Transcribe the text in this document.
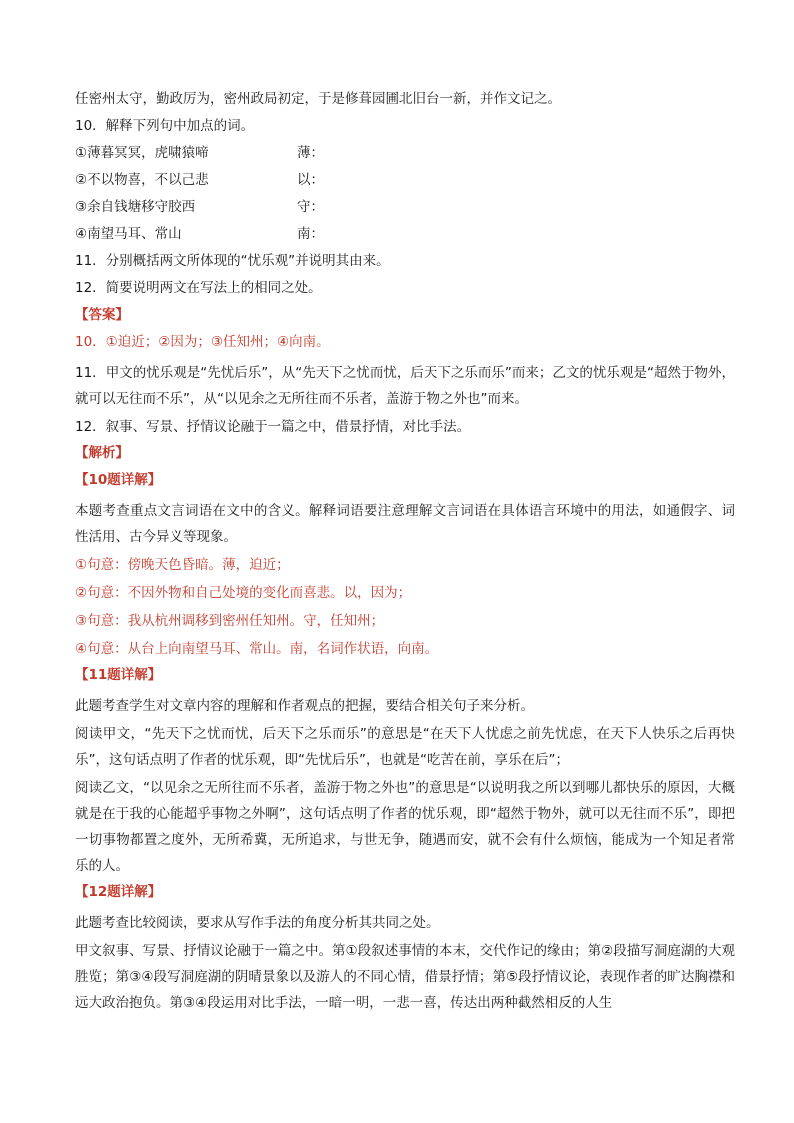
任密州太守，勤政厉为，密州政局初定，于是修葺园圃北旧台一新，并作文记之。

10．解释下列句中加点的词。

①薄暮冥冥，虎啸猿啼	薄：
②不以物喜，不以己悲	以：
③余自钱塘移守胶西	守：
④南望马耳、常山	南：

11．分别概括两文所体现的“忧乐观”并说明其由来。

12．简要说明两文在写法上的相同之处。

【答案】

10．①迫近；②因为；③任知州；④向南。

11．甲文的忧乐观是“先忧后乐”，从“先天下之忧而忧，后天下之乐而乐”而来；乙文的忧乐观是“超然于物外，就可以无往而不乐”，从“以见余之无所往而不乐者，盖游于物之外也”而来。

12．叙事、写景、抒情议论融于一篇之中，借景抒情，对比手法。

【解析】

【10题详解】

本题考查重点文言词语在文中的含义。解释词语要注意理解文言词语在具体语言环境中的用法，如通假字、词性活用、古今异义等现象。

①句意：傍晚天色昏暗。薄，迫近；

②句意：不因外物和自己处境的变化而喜悲。以，因为；

③句意：我从杭州调移到密州任知州。守，任知州；

④句意：从台上向南望马耳、常山。南，名词作状语，向南。

【11题详解】

此题考查学生对文章内容的理解和作者观点的把握，要结合相关句子来分析。

阅读甲文，“先天下之忧而忧，后天下之乐而乐”的意思是“在天下人忧虑之前先忧虑，在天下人快乐之后再快乐”，这句话点明了作者的忧乐观，即“先忧后乐”，也就是“吃苦在前，享乐在后”；

阅读乙文，“以见余之无所往而不乐者，盖游于物之外也”的意思是“以说明我之所以到哪儿都快乐的原因，大概就是在于我的心能超乎事物之外啊”，这句话点明了作者的忧乐观，即“超然于物外，就可以无往而不乐”，即把一切事物都置之度外，无所希冀，无所追求，与世无争，随遇而安，就不会有什么烦恼，能成为一个知足者常乐的人。

【12题详解】

此题考查比较阅读，要求从写作手法的角度分析其共同之处。

甲文叙事、写景、抒情议论融于一篇之中。第①段叙述事情的本末，交代作记的缘由；第②段描写洞庭湖的大观胜览；第③④段写洞庭湖的阴晴景象以及游人的不同心情，借景抒情；第⑤段抒情议论，表现作者的旷达胸襟和远大政治抱负。第③④段运用对比手法，一暗一明，一悲一喜，传达出两种截然相反的人生
